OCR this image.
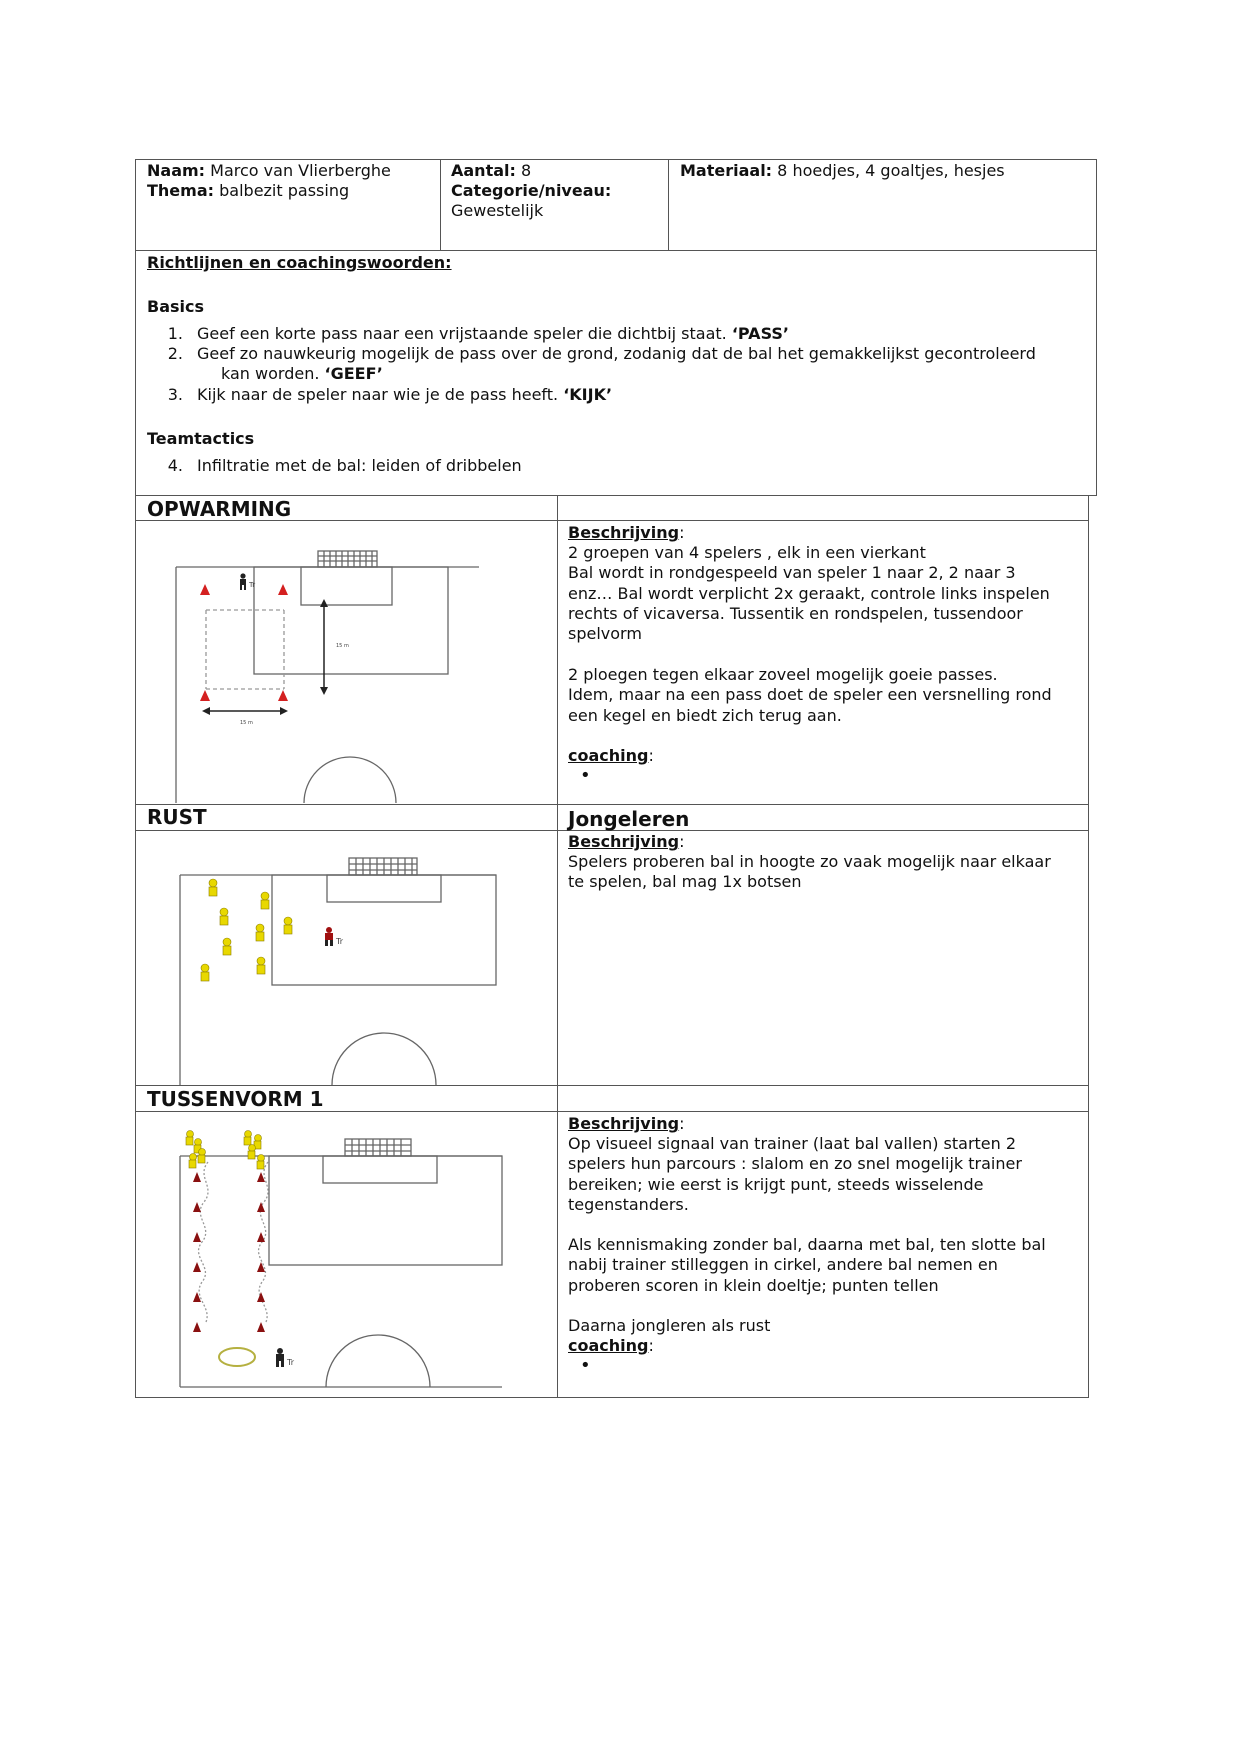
Naam: Marco van Vlierberghe
Thema: balbezit passing
Aantal: 8
Categorie/niveau:
Gewestelijk
Materiaal: 8 hoedjes, 4 goaltjes, hesjes
Richtlijnen en coachingswoorden:
Basics
1. Geef een korte pass naar een vrijstaande speler die dichtbij staat. ‘PASS’
2. Geef zo nauwkeurig mogelijk de pass over de grond, zodanig dat de bal het gemakkelijkst gecontroleerd
kan worden. ‘GEEF’
3. Kijk naar de speler naar wie je de pass heeft. ‘KIJK’
Teamtactics
4. Infiltratie met de bal: leiden of dribbelen
OPWARMING
Beschrijving:
2 groepen van 4 spelers , elk in een vierkant
Bal wordt in rondgespeeld van speler 1 naar 2, 2 naar 3
enz… Bal wordt verplicht 2x geraakt, controle links inspelen
rechts of vicaversa. Tussentik en rondspelen, tussendoor
spelvorm
2 ploegen tegen elkaar zoveel mogelijk goeie passes.
Idem, maar na een pass doet de speler een versnelling rond
een kegel en biedt zich terug aan.
coaching:
•
Tr
15 m
15 m
RUST	Jongeleren
Beschrijving:
Spelers proberen bal in hoogte zo vaak mogelijk naar elkaar
te spelen, bal mag 1x botsen
Tr
TUSSENVORM 1
Beschrijving:
Op visueel signaal van trainer (laat bal vallen) starten 2
spelers hun parcours : slalom en zo snel mogelijk trainer
bereiken; wie eerst is krijgt punt, steeds wisselende
tegenstanders.
Als kennismaking zonder bal, daarna met bal, ten slotte bal
nabij trainer stilleggen in cirkel, andere bal nemen en
proberen scoren in klein doeltje; punten tellen
Daarna jongleren als rust
coaching:
•
Tr
